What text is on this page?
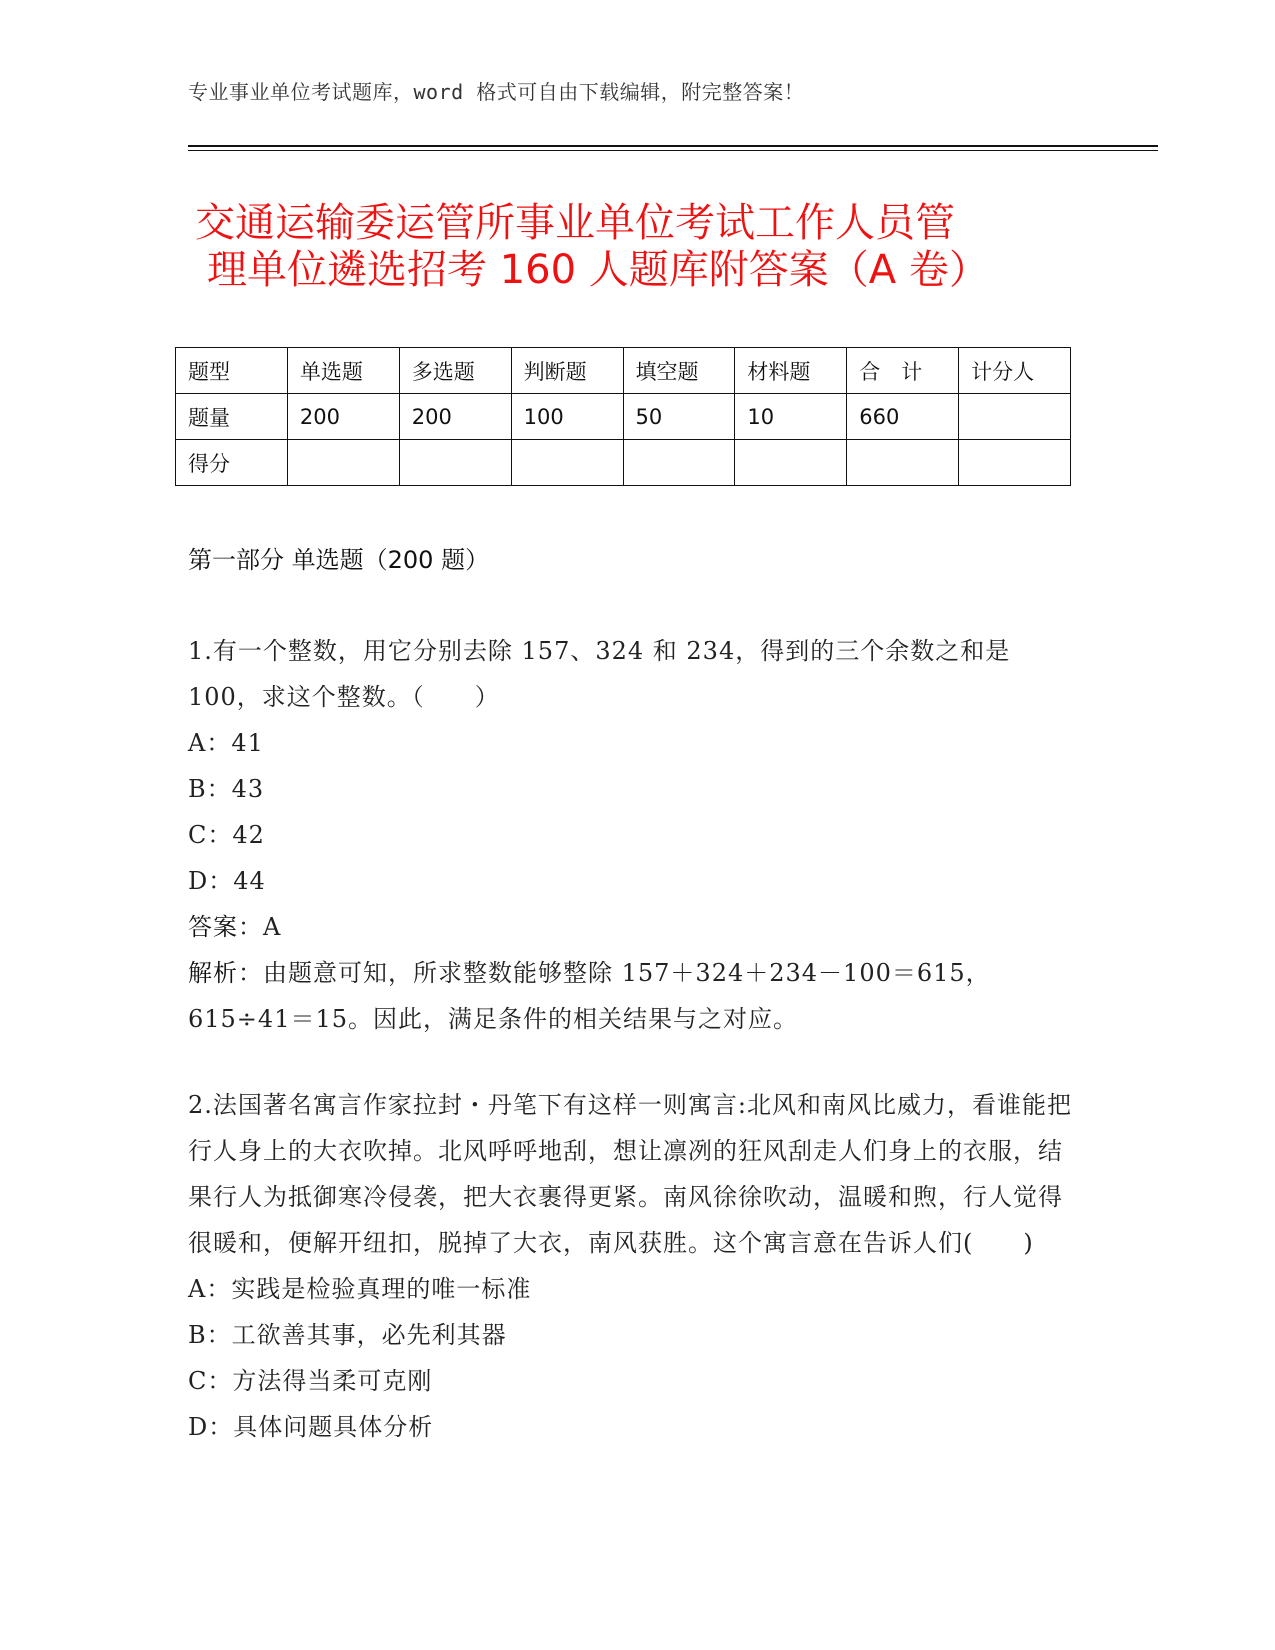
专业事业单位考试题库，word 格式可自由下载编辑，附完整答案！
交通运输委运管所事业单位考试工作人员管
理单位遴选招考 160 人题库附答案（A 卷）
题型	单选题	多选题	判断题	填空题	材料题	合　计	计分人
题量	200	200	100	50	10	660	
得分							
第一部分 单选题（200 题）
1.有一个整数，用它分别去除 157、324 和 234，得到的三个余数之和是 100，求这个整数。（　　）
A：41
B：43
C：42
D：44
答案：A
解析：由题意可知，所求整数能够整除 157＋324＋234－100＝615，615÷41＝15。因此，满足条件的相关结果与之对应。
2.法国著名寓言作家拉封・丹笔下有这样一则寓言:北风和南风比威力，看谁能把行人身上的大衣吹掉。北风呼呼地刮，想让凛冽的狂风刮走人们身上的衣服，结果行人为抵御寒冷侵袭，把大衣裹得更紧。南风徐徐吹动，温暖和煦，行人觉得很暖和，便解开纽扣，脱掉了大衣，南风获胜。这个寓言意在告诉人们(　　)
A：实践是检验真理的唯一标准
B：工欲善其事，必先利其器
C：方法得当柔可克刚
D：具体问题具体分析
